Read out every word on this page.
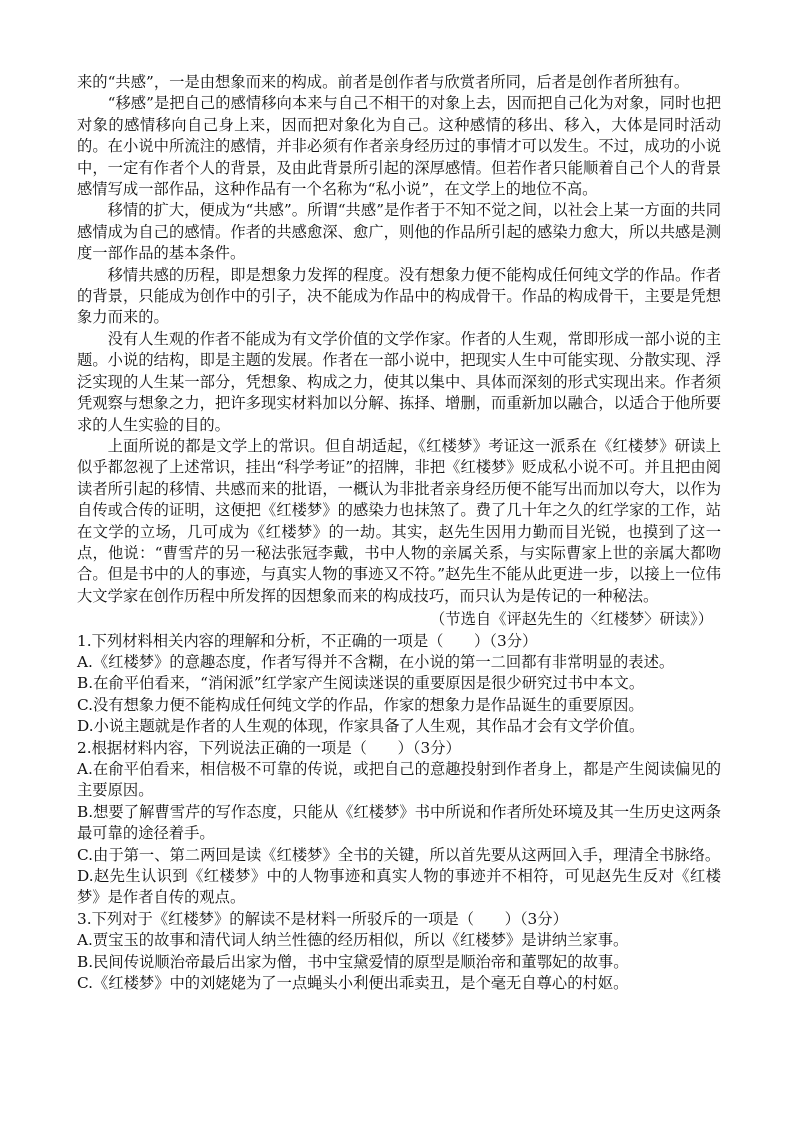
来的“共感”，一是由想象而来的构成。前者是创作者与欣赏者所同，后者是创作者所独有。

“移感”是把自己的感情移向本来与自己不相干的对象上去，因而把自己化为对象，同时也把对象的感情移向自己身上来，因而把对象化为自己。这种感情的移出、移入，大体是同时活动的。在小说中所流注的感情，并非必须有作者亲身经历过的事情才可以发生。不过，成功的小说中，一定有作者个人的背景，及由此背景所引起的深厚感情。但若作者只能顺着自己个人的背景感情写成一部作品，这种作品有一个名称为“私小说”，在文学上的地位不高。

移情的扩大，便成为“共感”。所谓“共感”是作者于不知不觉之间，以社会上某一方面的共同感情成为自己的感情。作者的共感愈深、愈广，则他的作品所引起的感染力愈大，所以共感是测度一部作品的基本条件。

移情共感的历程，即是想象力发挥的程度。没有想象力便不能构成任何纯文学的作品。作者的背景，只能成为创作中的引子，决不能成为作品中的构成骨干。作品的构成骨干，主要是凭想象力而来的。

没有人生观的作者不能成为有文学价值的文学作家。作者的人生观，常即形成一部小说的主题。小说的结构，即是主题的发展。作者在一部小说中，把现实人生中可能实现、分散实现、浮泛实现的人生某一部分，凭想象、构成之力，使其以集中、具体而深刻的形式实现出来。作者须凭观察与想象之力，把许多现实材料加以分解、拣择、增删，而重新加以融合，以适合于他所要求的人生实验的目的。

上面所说的都是文学上的常识。但自胡适起，《红楼梦》考证这一派系在《红楼梦》研读上似乎都忽视了上述常识，挂出“科学考证”的招牌，非把《红楼梦》贬成私小说不可。并且把由阅读者所引起的移情、共感而来的批语，一概认为非批者亲身经历便不能写出而加以夸大，以作为自传或合传的证明，这便把《红楼梦》的感染力也抹煞了。费了几十年之久的红学家的工作，站在文学的立场，几可成为《红楼梦》的一劫。其实，赵先生因用力勤而目光锐，也摸到了这一点，他说：“曹雪芹的另一秘法张冠李戴，书中人物的亲属关系，与实际曹家上世的亲属大都吻合。但是书中的人的事迹，与真实人物的事迹又不符。”赵先生不能从此更进一步，以接上一位伟大文学家在创作历程中所发挥的因想象而来的构成技巧，而只认为是传记的一种秘法。

（节选自《评赵先生的〈红楼梦〉研读》）

1.下列材料相关内容的理解和分析，不正确的一项是（　　）（3分）

A.《红楼梦》的意趣态度，作者写得并不含糊，在小说的第一二回都有非常明显的表述。

B.在俞平伯看来，“消闲派”红学家产生阅读迷误的重要原因是很少研究过书中本文。

C.没有想象力便不能构成任何纯文学的作品，作家的想象力是作品诞生的重要原因。

D.小说主题就是作者的人生观的体现，作家具备了人生观，其作品才会有文学价值。

2.根据材料内容，下列说法正确的一项是（　　）（3分）

A.在俞平伯看来，相信极不可靠的传说，或把自己的意趣投射到作者身上，都是产生阅读偏见的主要原因。

B.想要了解曹雪芹的写作态度，只能从《红楼梦》书中所说和作者所处环境及其一生历史这两条最可靠的途径着手。

C.由于第一、第二两回是读《红楼梦》全书的关键，所以首先要从这两回入手，理清全书脉络。

D.赵先生认识到《红楼梦》中的人物事迹和真实人物的事迹并不相符，可见赵先生反对《红楼梦》是作者自传的观点。

3.下列对于《红楼梦》的解读不是材料一所驳斥的一项是（　　）（3分）

A.贾宝玉的故事和清代词人纳兰性德的经历相似，所以《红楼梦》是讲纳兰家事。

B.民间传说顺治帝最后出家为僧，书中宝黛爱情的原型是顺治帝和董鄂妃的故事。

C.《红楼梦》中的刘姥姥为了一点蝇头小利便出乖卖丑，是个毫无自尊心的村妪。
